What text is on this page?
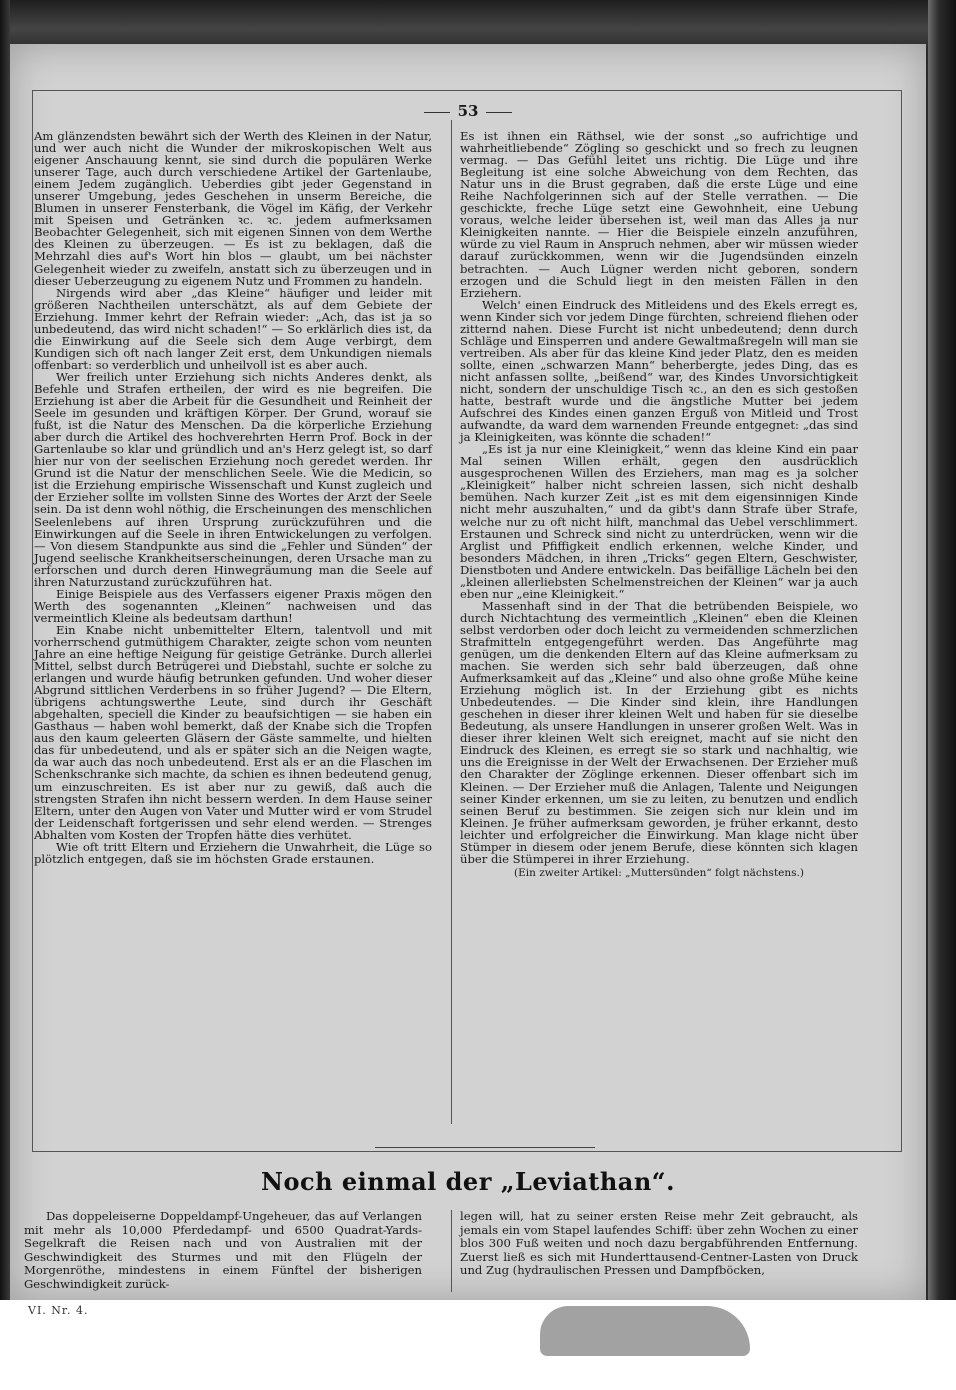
53

Am glänzendsten bewährt sich der Werth des Kleinen in der Natur, und wer auch nicht die Wunder der mikroskopischen Welt aus eigener Anschauung kennt, sie sind durch die populären Werke unserer Tage, auch durch verschiedene Artikel der Gartenlaube, einem Jedem zugänglich. Ueberdies gibt jeder Gegenstand in unserer Umgebung, jedes Geschehen in unserm Bereiche, die Blumen in unserer Fensterbank, die Vögel im Käfig, der Verkehr mit Speisen und Getränken ꝛc. ꝛc. jedem aufmerksamen Beobachter Gelegenheit, sich mit eigenen Sinnen von dem Werthe des Kleinen zu überzeugen. — Es ist zu beklagen, daß die Mehrzahl dies auf's Wort hin blos — glaubt, um bei nächster Gelegenheit wieder zu zweifeln, anstatt sich zu überzeugen und in dieser Ueberzeugung zu eigenem Nutz und Frommen zu handeln.

Nirgends wird aber „das Kleine“ häufiger und leider mit größeren Nachtheilen unterschätzt, als auf dem Gebiete der Erziehung. Immer kehrt der Refrain wieder: „Ach, das ist ja so unbedeutend, das wird nicht schaden!“ — So erklärlich dies ist, da die Einwirkung auf die Seele sich dem Auge verbirgt, dem Kundigen sich oft nach langer Zeit erst, dem Unkundigen niemals offenbart: so verderblich und unheilvoll ist es aber auch.

Wer freilich unter Erziehung sich nichts Anderes denkt, als Befehle und Strafen ertheilen, der wird es nie begreifen. Die Erziehung ist aber die Arbeit für die Gesundheit und Reinheit der Seele im gesunden und kräftigen Körper. Der Grund, worauf sie fußt, ist die Natur des Menschen. Da die körperliche Erziehung aber durch die Artikel des hochverehrten Herrn Prof. Bock in der Gartenlaube so klar und gründlich und an's Herz gelegt ist, so darf hier nur von der seelischen Erziehung noch geredet werden. Ihr Grund ist die Natur der menschlichen Seele. Wie die Medicin, so ist die Erziehung empirische Wissenschaft und Kunst zugleich und der Erzieher sollte im vollsten Sinne des Wortes der Arzt der Seele sein. Da ist denn wohl nöthig, die Erscheinungen des menschlichen Seelenlebens auf ihren Ursprung zurückzuführen und die Einwirkungen auf die Seele in ihren Entwickelungen zu verfolgen. — Von diesem Standpunkte aus sind die „Fehler und Sünden“ der Jugend seelische Krankheitserscheinungen, deren Ursache man zu erforschen und durch deren Hinwegräumung man die Seele auf ihren Naturzustand zurückzuführen hat.

Einige Beispiele aus des Verfassers eigener Praxis mögen den Werth des sogenannten „Kleinen“ nachweisen und das vermeintlich Kleine als bedeutsam darthun!

Ein Knabe nicht unbemittelter Eltern, talentvoll und mit vorherrschend gutmüthigem Charakter, zeigte schon vom neunten Jahre an eine heftige Neigung für geistige Getränke. Durch allerlei Mittel, selbst durch Betrügerei und Diebstahl, suchte er solche zu erlangen und wurde häufig betrunken gefunden. Und woher dieser Abgrund sittlichen Verderbens in so früher Jugend? — Die Eltern, übrigens achtungswerthe Leute, sind durch ihr Geschäft abgehalten, speciell die Kinder zu beaufsichtigen — sie haben ein Gasthaus — haben wohl bemerkt, daß der Knabe sich die Tropfen aus den kaum geleerten Gläsern der Gäste sammelte, und hielten das für unbedeutend, und als er später sich an die Neigen wagte, da war auch das noch unbedeutend. Erst als er an die Flaschen im Schenkschranke sich machte, da schien es ihnen bedeutend genug, um einzuschreiten. Es ist aber nur zu gewiß, daß auch die strengsten Strafen ihn nicht bessern werden. In dem Hause seiner Eltern, unter den Augen von Vater und Mutter wird er vom Strudel der Leidenschaft fortgerissen und sehr elend werden. — Strenges Abhalten vom Kosten der Tropfen hätte dies verhütet.

Wie oft tritt Eltern und Erziehern die Unwahrheit, die Lüge so plötzlich entgegen, daß sie im höchsten Grade erstaunen.

Es ist ihnen ein Räthsel, wie der sonst „so aufrichtige und wahrheitliebende“ Zögling so geschickt und so frech zu leugnen vermag. — Das Gefühl leitet uns richtig. Die Lüge und ihre Begleitung ist eine solche Abweichung von dem Rechten, das Natur uns in die Brust gegraben, daß die erste Lüge und eine Reihe Nachfolgerinnen sich auf der Stelle verrathen. — Die geschickte, freche Lüge setzt eine Gewohnheit, eine Uebung voraus, welche leider übersehen ist, weil man das Alles ja nur Kleinigkeiten nannte. — Hier die Beispiele einzeln anzuführen, würde zu viel Raum in Anspruch nehmen, aber wir müssen wieder darauf zurückkommen, wenn wir die Jugendsünden einzeln betrachten. — Auch Lügner werden nicht geboren, sondern erzogen und die Schuld liegt in den meisten Fällen in den Erziehern.

Welch' einen Eindruck des Mitleidens und des Ekels erregt es, wenn Kinder sich vor jedem Dinge fürchten, schreiend fliehen oder zitternd nahen. Diese Furcht ist nicht unbedeutend; denn durch Schläge und Einsperren und andere Gewaltmaßregeln will man sie vertreiben. Als aber für das kleine Kind jeder Platz, den es meiden sollte, einen „schwarzen Mann“ beherbergte, jedes Ding, das es nicht anfassen sollte, „beißend“ war, des Kindes Unvorsichtigkeit nicht, sondern der unschuldige Tisch ꝛc., an den es sich gestoßen hatte, bestraft wurde und die ängstliche Mutter bei jedem Aufschrei des Kindes einen ganzen Erguß von Mitleid und Trost aufwandte, da ward dem warnenden Freunde entgegnet: „das sind ja Kleinigkeiten, was könnte die schaden!“

„Es ist ja nur eine Kleinigkeit,“ wenn das kleine Kind ein paar Mal seinen Willen erhält, gegen den ausdrücklich ausgesprochenen Willen des Erziehers, man mag es ja solcher „Kleinigkeit“ halber nicht schreien lassen, sich nicht deshalb bemühen. Nach kurzer Zeit „ist es mit dem eigensinnigen Kinde nicht mehr auszuhalten,“ und da gibt's dann Strafe über Strafe, welche nur zu oft nicht hilft, manchmal das Uebel verschlimmert. Erstaunen und Schreck sind nicht zu unterdrücken, wenn wir die Arglist und Pfiffigkeit endlich erkennen, welche Kinder, und besonders Mädchen, in ihren „Tricks“ gegen Eltern, Geschwister, Dienstboten und Andere entwickeln. Das beifällige Lächeln bei den „kleinen allerliebsten Schelmenstreichen der Kleinen“ war ja auch eben nur „eine Kleinigkeit.“

Massenhaft sind in der That die betrübenden Beispiele, wo durch Nichtachtung des vermeintlich „Kleinen“ eben die Kleinen selbst verdorben oder doch leicht zu vermeidenden schmerzlichen Strafmitteln entgegengeführt werden. Das Angeführte mag genügen, um die denkenden Eltern auf das Kleine aufmerksam zu machen. Sie werden sich sehr bald überzeugen, daß ohne Aufmerksamkeit auf das „Kleine“ und also ohne große Mühe keine Erziehung möglich ist. In der Erziehung gibt es nichts Unbedeutendes. — Die Kinder sind klein, ihre Handlungen geschehen in dieser ihrer kleinen Welt und haben für sie dieselbe Bedeutung, als unsere Handlungen in unserer großen Welt. Was in dieser ihrer kleinen Welt sich ereignet, macht auf sie nicht den Eindruck des Kleinen, es erregt sie so stark und nachhaltig, wie uns die Ereignisse in der Welt der Erwachsenen. Der Erzieher muß den Charakter der Zöglinge erkennen. Dieser offenbart sich im Kleinen. — Der Erzieher muß die Anlagen, Talente und Neigungen seiner Kinder erkennen, um sie zu leiten, zu benutzen und endlich seinen Beruf zu bestimmen. Sie zeigen sich nur klein und im Kleinen. Je früher aufmerksam geworden, je früher erkannt, desto leichter und erfolgreicher die Einwirkung. Man klage nicht über Stümper in diesem oder jenem Berufe, diese könnten sich klagen über die Stümperei in ihrer Erziehung.

(Ein zweiter Artikel: „Muttersünden“ folgt nächstens.)

Noch einmal der „Leviathan“.

Das doppeleiserne Doppeldampf-Ungeheuer, das auf Verlangen mit mehr als 10,000 Pferdedampf- und 6500 Quadrat-Yards-Segelkraft die Reisen nach und von Australien mit der Geschwindigkeit des Sturmes und mit den Flügeln der Morgenröthe, mindestens in einem Fünftel der bisherigen Geschwindigkeit zurück-

legen will, hat zu seiner ersten Reise mehr Zeit gebraucht, als jemals ein vom Stapel laufendes Schiff: über zehn Wochen zu einer blos 300 Fuß weiten und noch dazu bergabführenden Entfernung. Zuerst ließ es sich mit Hunderttausend-Centner-Lasten von Druck und Zug (hydraulischen Pressen und Dampfböcken,

VI. Nr. 4.
